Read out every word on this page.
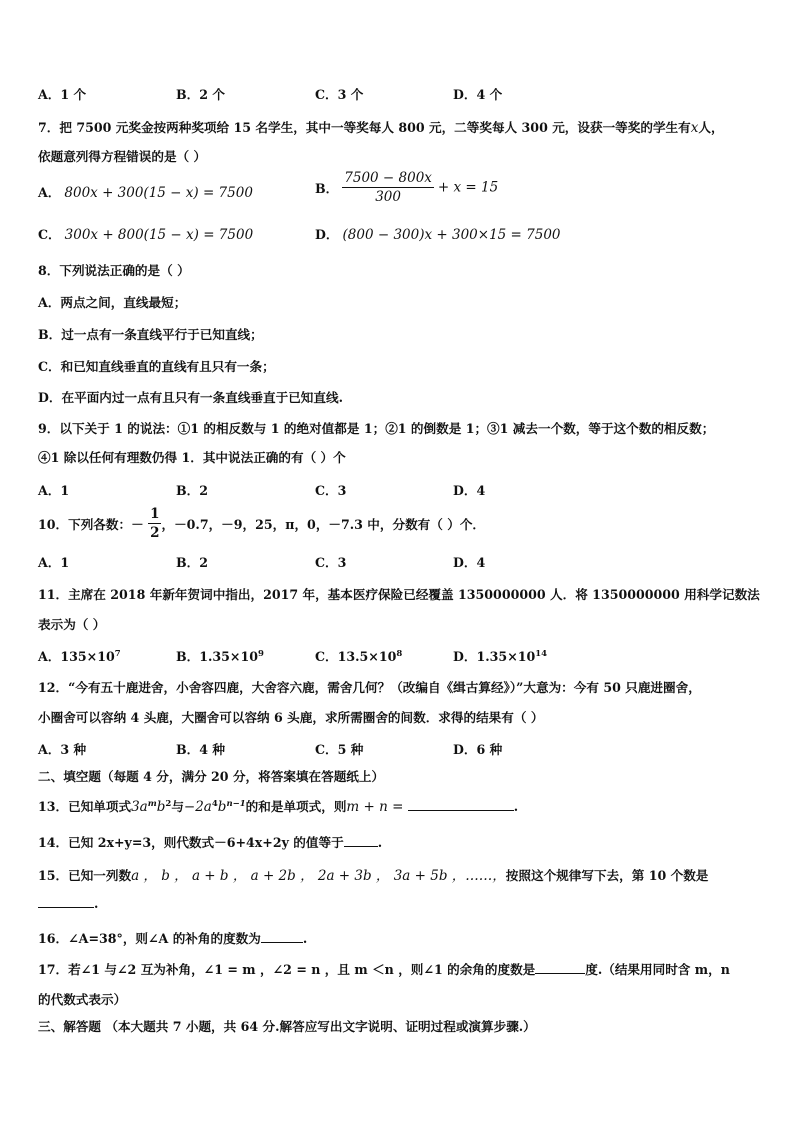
A．1 个	B．2 个	C．3 个	D．4 个
7．把 7500 元奖金按两种奖项给 15 名学生，其中一等奖每人 800 元，二等奖每人 300 元，设获一等奖的学生有x人，
依题意列得方程错误的是（ ）
A． 800x + 300(15 − x) = 7500	B． $\frac{7500 - 800x}{300} + x = 15$
C． 300x + 800(15 − x) = 7500	D． (800 − 300)x + 300×15 = 7500
8．下列说法正确的是（ ）
A．两点之间，直线最短；
B．过一点有一条直线平行于已知直线；
C．和已知直线垂直的直线有且只有一条；
D．在平面内过一点有且只有一条直线垂直于已知直线.
9．以下关于 1 的说法：①1 的相反数与 1 的绝对值都是 1；②1 的倒数是 1；③1 减去一个数，等于这个数的相反数；
④1 除以任何有理数仍得 1．其中说法正确的有（ ）个
A．1	B．2	C．3	D．4
10．下列各数：－ $\frac{1}{2}$ ，－0.7，－9，25，π，0，－7.3 中，分数有（ ）个．
A．1	B．2	C．3	D．4
11．主席在 2018 年新年贺词中指出，2017 年，基本医疗保险已经覆盖 1350000000 人．将 1350000000 用科学记数法
表示为（ ）
A．$135\times 10^7$	B．$1.35\times 10^9$	C．$13.5\times 10^8$	D．$1.35\times 10^{14}$
12．“今有五十鹿进舍，小舍容四鹿，大舍容六鹿，需舍几何？（改编自《缉古算经》）”大意为：今有 50 只鹿进圈舍，
小圈舍可以容纳 4 头鹿，大圈舍可以容纳 6 头鹿，求所需圈舍的间数．求得的结果有（ ）
A．3 种	B．4 种	C．5 种	D．6 种
二、填空题（每题 4 分，满分 20 分，将答案填在答题纸上）
13．已知单项式$3a^mb^2$与$-2a^4b^{n-1}$的和是单项式，则m + n =	.
14．已知 2x+y=3，则代数式－6+4x+2y 的值等于	.
15．已知一列数a ， b ， a + b ， a + 2b ， 2a + 3b ， 3a + 5b ，……，按照这个规律写下去，第 10 个数是
.
16．∠A=38°，则∠A 的补角的度数为	.
17．若∠1 与∠2 互为补角，∠1 = m ，∠2 = n ，且 m ＜n ，则∠1 的余角的度数是	度.（结果用同时含 m，n
的代数式表示）
三、解答题 （本大题共 7 小题，共 64 分.解答应写出文字说明、证明过程或演算步骤.）
